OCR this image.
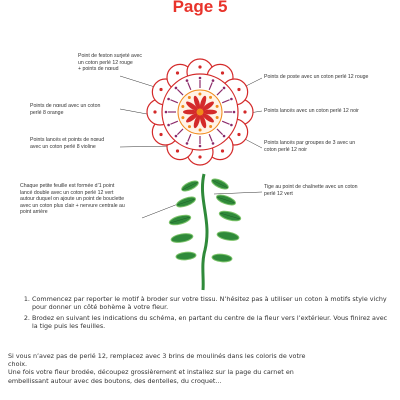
Page 5
Point de feston surjeté avec
un coton perlé 12 rouge
+ points de nœud
Points de poste avec un coton perlé 12 rouge
Points de nœud avec un coton
perlé 8 orange	Points lancés avec un coton perlé 12 noir
Points lancés et points de nœud
avec un coton perlé 8 violine
Points lancés par groupes de 3 avec un
coton perlé 12 noir
Chaque petite feuille est formée d’1 point
lancé double avec un coton perlé 12 vert
autour duquel on ajoute un point de bouclette
avec un coton plus clair + nervure centrale au
point arrière
Tige au point de chaînette avec un coton
perlé 12 vert
1. Commencez par reporter le motif à broder sur votre tissu. N’hésitez pas à utiliser un coton à motifs style vichy pour donner un côté bohème à votre fleur.
2. Brodez en suivant les indications du schéma, en partant du centre de la fleur vers l’extérieur. Vous finirez avec la tige puis les feuilles.
Si vous n’avez pas de perlé 12, remplacez avec 3 brins de moulinés dans les coloris de votre
choix.
Une fois votre fleur brodée, découpez grossièrement et installez sur la page du carnet en
embellissant autour avec des boutons, des dentelles, du croquet...
